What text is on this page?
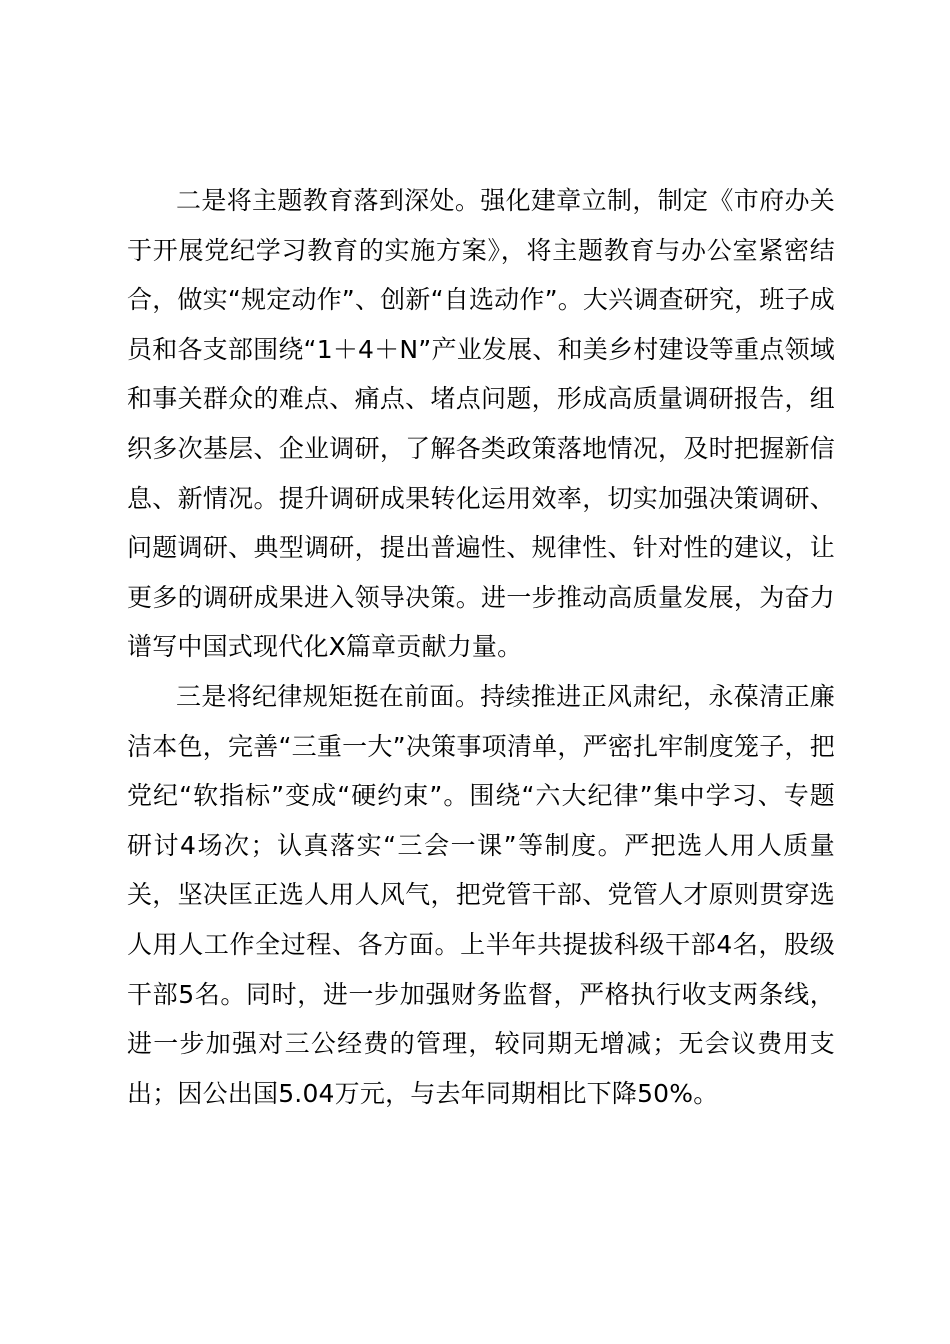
二是将主题教育落到深处。强化建章立制，制定《市府办关于开展党纪学习教育的实施方案》，将主题教育与办公室紧密结合，做实“规定动作”、创新“自选动作”。大兴调查研究，班子成员和各支部围绕“1＋4＋N”产业发展、和美乡村建设等重点领域和事关群众的难点、痛点、堵点问题，形成高质量调研报告，组织多次基层、企业调研，了解各类政策落地情况，及时把握新信息、新情况。提升调研成果转化运用效率，切实加强决策调研、问题调研、典型调研，提出普遍性、规律性、针对性的建议，让更多的调研成果进入领导决策。进一步推动高质量发展，为奋力谱写中国式现代化X篇章贡献力量。

三是将纪律规矩挺在前面。持续推进正风肃纪，永葆清正廉洁本色，完善“三重一大”决策事项清单，严密扎牢制度笼子，把党纪“软指标”变成“硬约束”。围绕“六大纪律”集中学习、专题研讨4场次；认真落实“三会一课”等制度。严把选人用人质量关，坚决匡正选人用人风气，把党管干部、党管人才原则贯穿选人用人工作全过程、各方面。上半年共提拔科级干部4名，股级干部5名。同时，进一步加强财务监督，严格执行收支两条线，进一步加强对三公经费的管理，较同期无增减；无会议费用支出；因公出国5.04万元，与去年同期相比下降50%。
